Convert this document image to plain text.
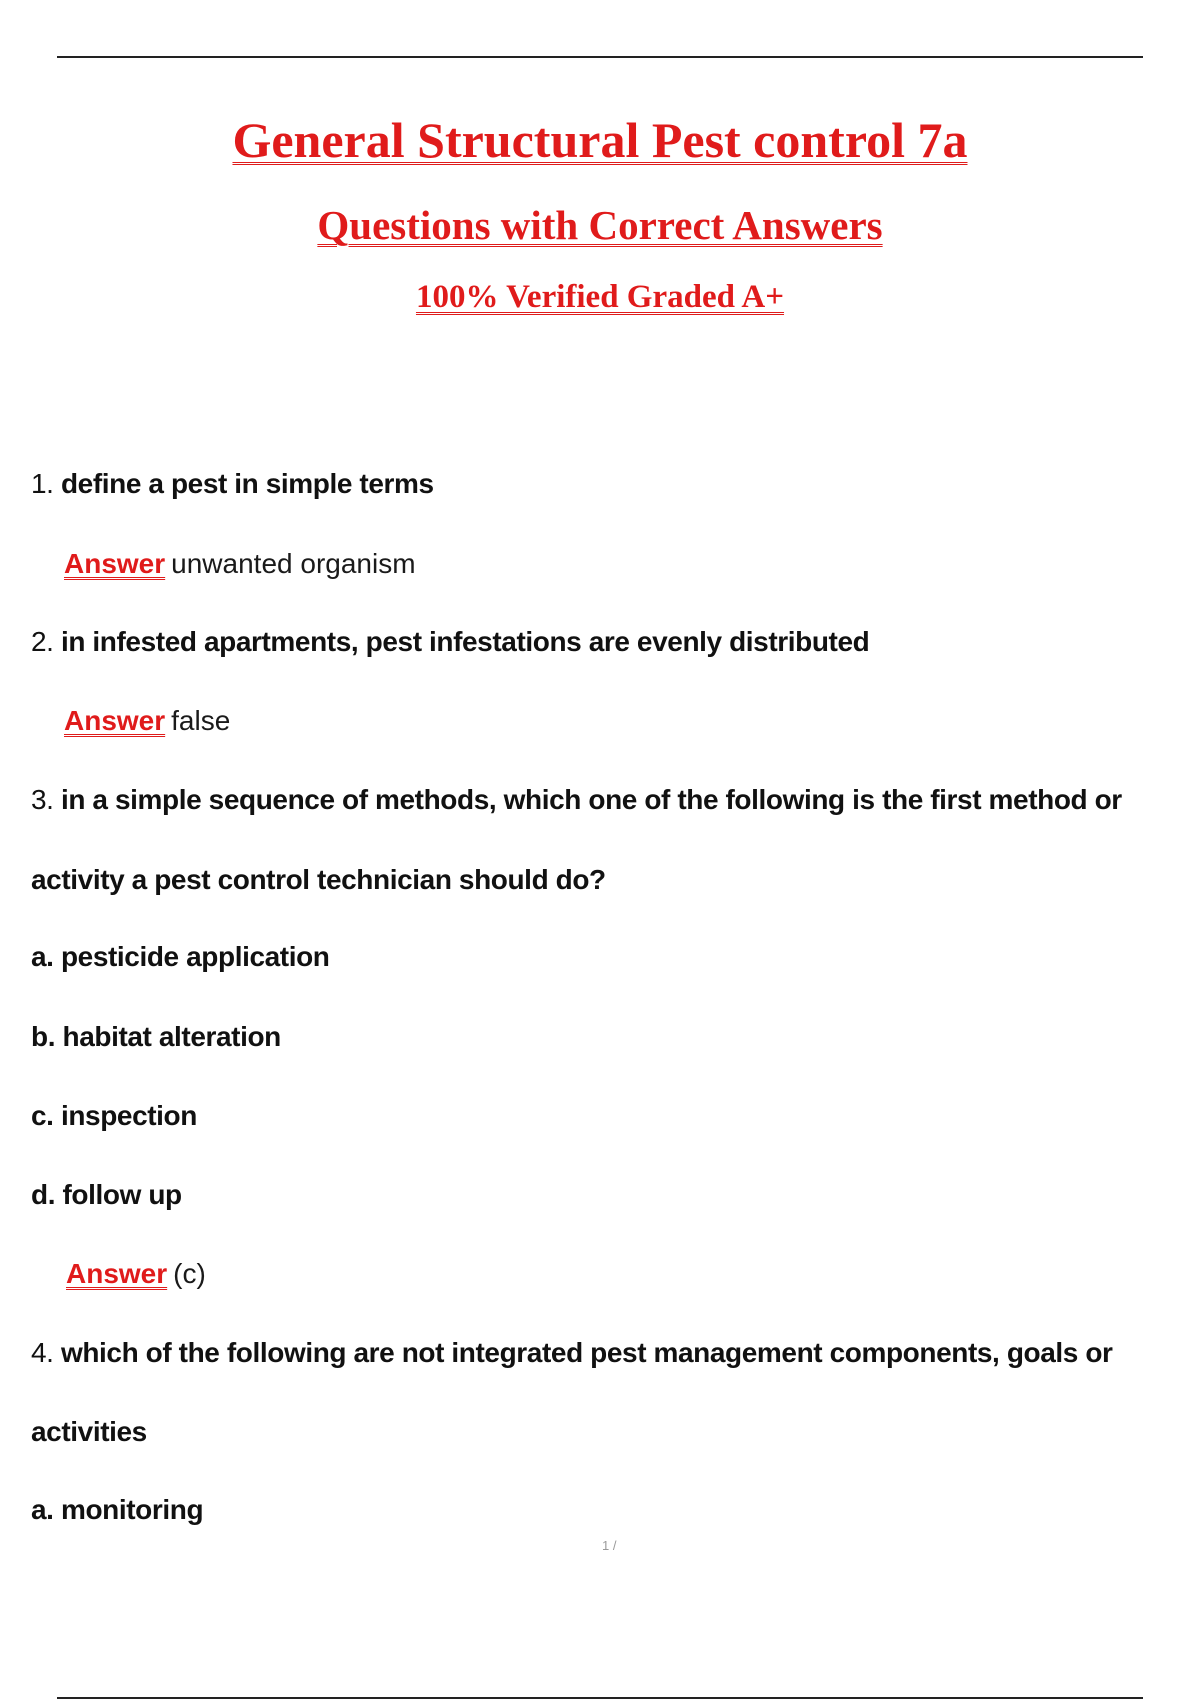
General Structural Pest control 7a
Questions with Correct Answers
100% Verified Graded A+
1. define a pest in simple terms
Answer unwanted organism
2. in infested apartments, pest infestations are evenly distributed
Answer false
3. in a simple sequence of methods, which one of the following is the first method or
activity a pest control technician should do?
a. pesticide application
b. habitat alteration
c. inspection
d. follow up
Answer (c)
4. which of the following are not integrated pest management components, goals or
activities
a. monitoring
1 /
